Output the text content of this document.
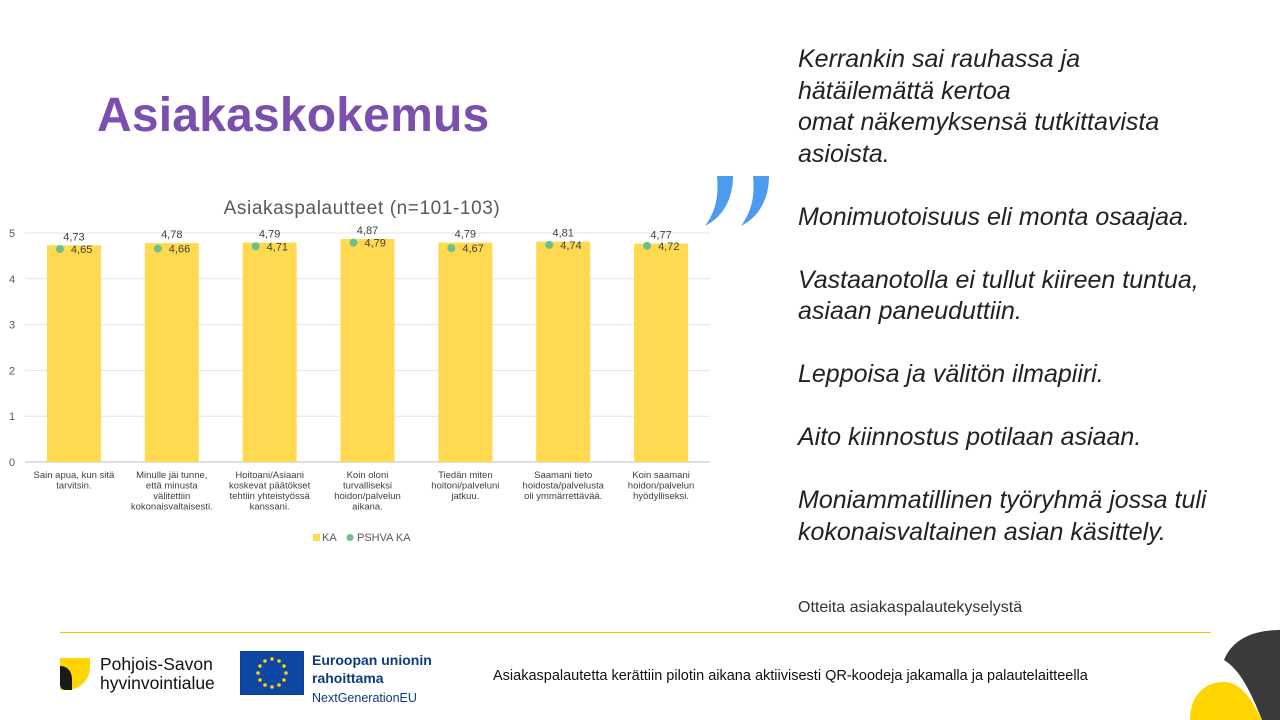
Asiakaskokemus
Asiakaspalautteet (n=101-103)
0
1
2
3
4
5	4,73
4,65
Sain apua, kun sitä
tarvitsin.
4,78
4,66
Minulle jäi tunne,
että minusta
välitettiin
kokonaisvaltaisesti.
4,79
4,71
Hoitoani/Asiaani
koskevat päätökset
tehtiin yhteistyössä
kanssani.
4,87
4,79
Koin oloni
turvalliseksi
hoidon/palvelun
aikana.
4,79
4,67
Tiedän miten
hoitoni/palveluni
jatkuu.
4,81
4,74
Saamani tieto
hoidosta/palvelusta
oli ymmärrettävää.
4,77
4,72
Koin saamani
hoidon/palvelun
hyödylliseksi.
KA PSHVA KA

Kerrankin sai rauhassa ja
hätäilemättä kertoa
omat näkemyksensä tutkittavista
asioista.

Monimuotoisuus eli monta osaajaa.

Vastaanotolla ei tullut kiireen tuntua,
asiaan paneuduttiin.

Leppoisa ja välitön ilmapiiri.

Aito kiinnostus potilaan asiaan.

Moniammatillinen työryhmä jossa tuli
kokonaisvaltainen asian käsittely.

Otteita asiakaspalautekyselystä
Pohjois-Savon
hyvinvointialue
Euroopan unionin
rahoittama
NextGenerationEU
Asiakaspalautetta kerättiin pilotin aikana aktiivisesti QR-koodeja jakamalla ja palautelaitteella
